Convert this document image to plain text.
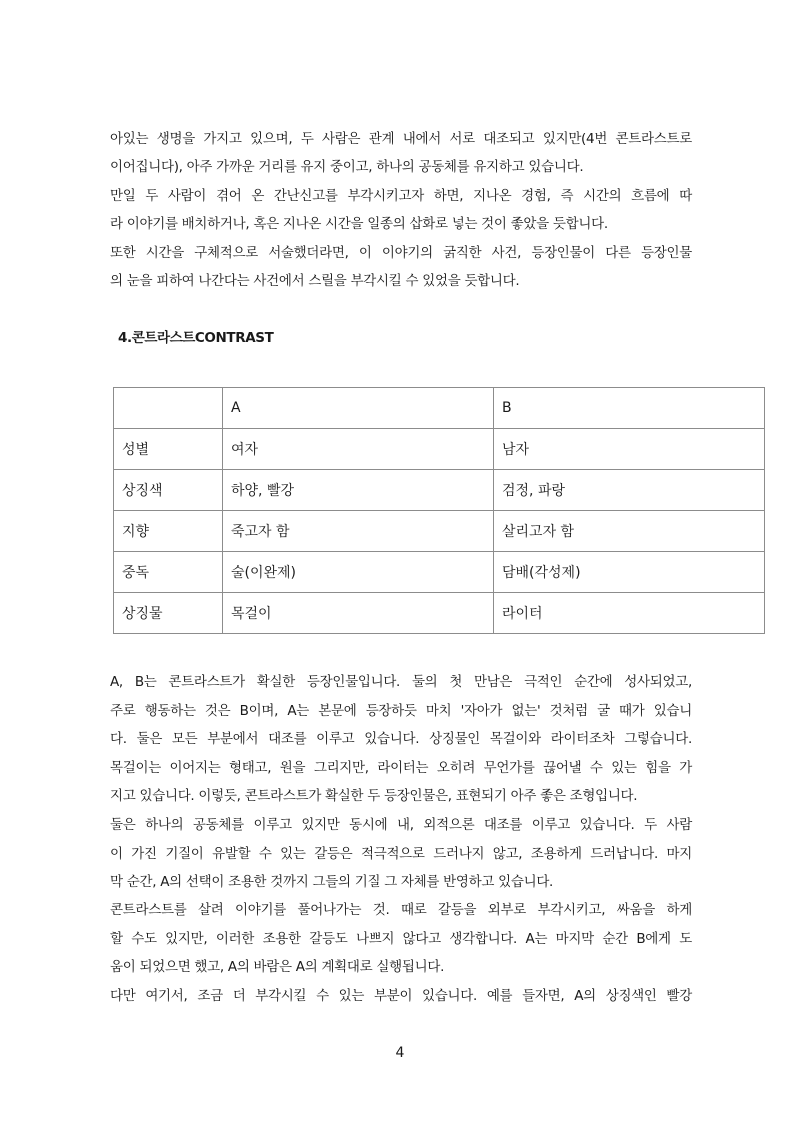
아있는 생명을 가지고 있으며, 두 사람은 관계 내에서 서로 대조되고 있지만(4번 콘트라스트로
이어집니다), 아주 가까운 거리를 유지 중이고, 하나의 공동체를 유지하고 있습니다.
만일 두 사람이 겪어 온 간난신고를 부각시키고자 하면, 지나온 경험, 즉 시간의 흐름에 따
라 이야기를 배치하거나, 혹은 지나온 시간을 일종의 삽화로 넣는 것이 좋았을 듯합니다.
또한 시간을 구체적으로 서술했더라면, 이 이야기의 굵직한 사건, 등장인물이 다른 등장인물
의 눈을 피하여 나간다는 사건에서 스릴을 부각시킬 수 있었을 듯합니다.

4.콘트라스트CONTRAST

	A	B
성별	여자	남자
상징색	하양, 빨강	검정, 파랑
지향	죽고자 함	살리고자 함
중독	술(이완제)	담배(각성제)
상징물	목걸이	라이터
A, B는 콘트라스트가 확실한 등장인물입니다. 둘의 첫 만남은 극적인 순간에 성사되었고,
주로 행동하는 것은 B이며, A는 본문에 등장하듯 마치 '자아가 없는' 것처럼 굴 때가 있습니
다. 둘은 모든 부분에서 대조를 이루고 있습니다. 상징물인 목걸이와 라이터조차 그렇습니다.
목걸이는 이어지는 형태고, 원을 그리지만, 라이터는 오히려 무언가를 끊어낼 수 있는 힘을 가
지고 있습니다. 이렇듯, 콘트라스트가 확실한 두 등장인물은, 표현되기 아주 좋은 조형입니다.
둘은 하나의 공동체를 이루고 있지만 동시에 내, 외적으론 대조를 이루고 있습니다. 두 사람
이 가진 기질이 유발할 수 있는 갈등은 적극적으로 드러나지 않고, 조용하게 드러납니다. 마지
막 순간, A의 선택이 조용한 것까지 그들의 기질 그 자체를 반영하고 있습니다.
콘트라스트를 살려 이야기를 풀어나가는 것. 때로 갈등을 외부로 부각시키고, 싸움을 하게
할 수도 있지만, 이러한 조용한 갈등도 나쁘지 않다고 생각합니다. A는 마지막 순간 B에게 도
움이 되었으면 했고, A의 바람은 A의 계획대로 실행됩니다.
다만 여기서, 조금 더 부각시킬 수 있는 부분이 있습니다. 예를 들자면, A의 상징색인 빨강

4
